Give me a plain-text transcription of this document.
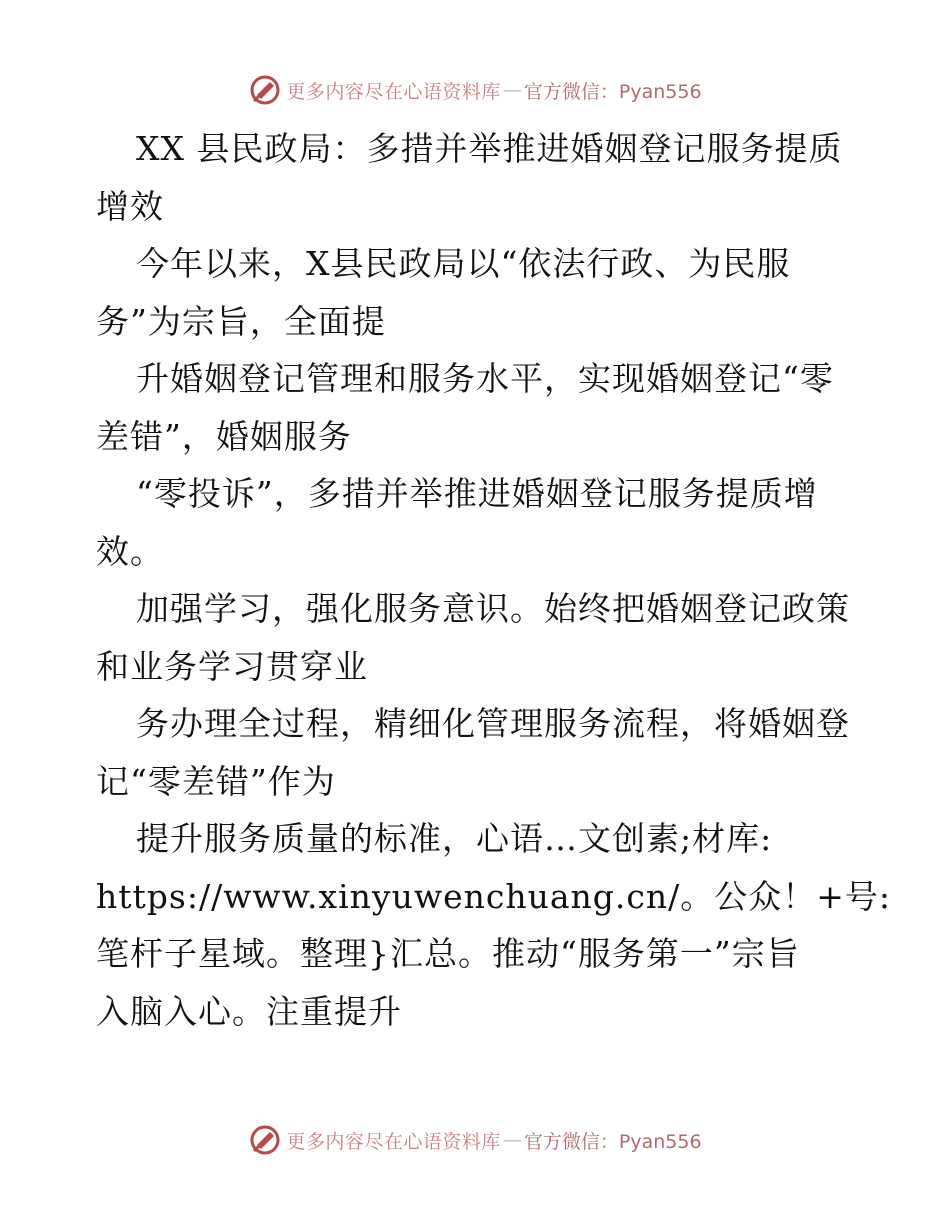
更多内容尽在心语资料库 — 官方微信：Pyan556
XX 县民政局：多措并举推进婚姻登记服务提质
增效
今年以来，X县民政局以“依法行政、为民服
务”为宗旨，全面提
升婚姻登记管理和服务水平，实现婚姻登记“零
差错”，婚姻服务
“零投诉”，多措并举推进婚姻登记服务提质增
效。
加强学习，强化服务意识。始终把婚姻登记政策
和业务学习贯穿业
务办理全过程，精细化管理服务流程，将婚姻登
记“零差错”作为
提升服务质量的标准，心语…文创素;材库:
https://www.xinyuwenchuang.cn/。公众！+号:
笔杆子星域。整理}汇总。推动“服务第一”宗旨
入脑入心。注重提升
更多内容尽在心语资料库 — 官方微信：Pyan556
